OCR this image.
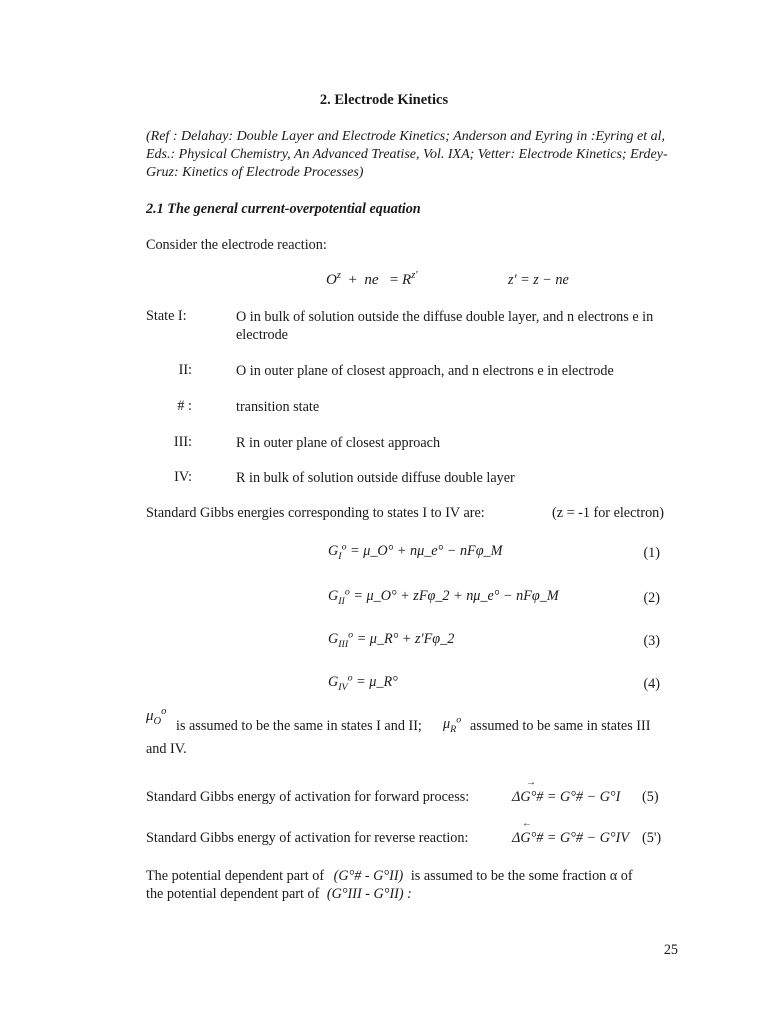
2. Electrode Kinetics
(Ref : Delahay: Double Layer and Electrode Kinetics; Anderson and Eyring in :Eyring et al, Eds.: Physical Chemistry, An Advanced Treatise, Vol. IXA; Vetter: Electrode Kinetics; Erdey-Gruz: Kinetics of Electrode Processes)
2.1 The general current-overpotential equation
Consider the electrode reaction:
$O^z$ + ne = $R^{z'}$	z' = z − ne
State I:	O in bulk of solution outside the diffuse double layer, and n electrons e in electrode
II:	O in outer plane of closest approach, and n electrons e in electrode
# :	transition state
III:	R in outer plane of closest approach
IV:	R in bulk of solution outside diffuse double layer
Standard Gibbs energies corresponding to states I to IV are:	(z = -1 for electron)
$G_I^o$ = μ_O° + nμ_e° − nFφ_M	(1)
$G_{II}^o$ = μ_O° + zFφ_2 + nμ_e° − nFφ_M	(2)
$G_{III}^o$ = μ_R° + z'Fφ_2	(3)
$G_{IV}^o$ = μ_R°	(4)
$\mu_O^o$
is assumed to be the same in states I and II; $\mu_R^o$ assumed to be same in states III
and IV.
Standard Gibbs energy of activation for forward process:
→
ΔG°# = G°# − G°I (5)
Standard Gibbs energy of activation for reverse reaction:
←
ΔG°# = G°# − G°IV (5')
The potential dependent part of (G°# - G°II) is assumed to be the some fraction α of
the potential dependent part of (G°III - G°II) :
25
